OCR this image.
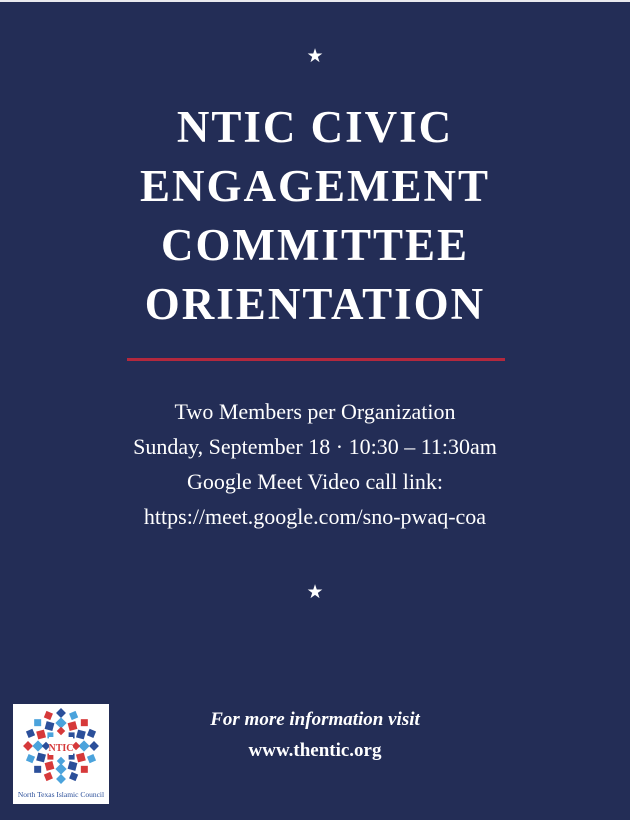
★
NTIC CIVIC
ENGAGEMENT
COMMITTEE
ORIENTATION
Two Members per Organization
Sunday, September 18 · 10:30 – 11:30am
Google Meet Video call link:
https://meet.google.com/sno-pwaq-coa
★
NTIC
North Texas Islamic Council
For more information visit
www.thentic.org
